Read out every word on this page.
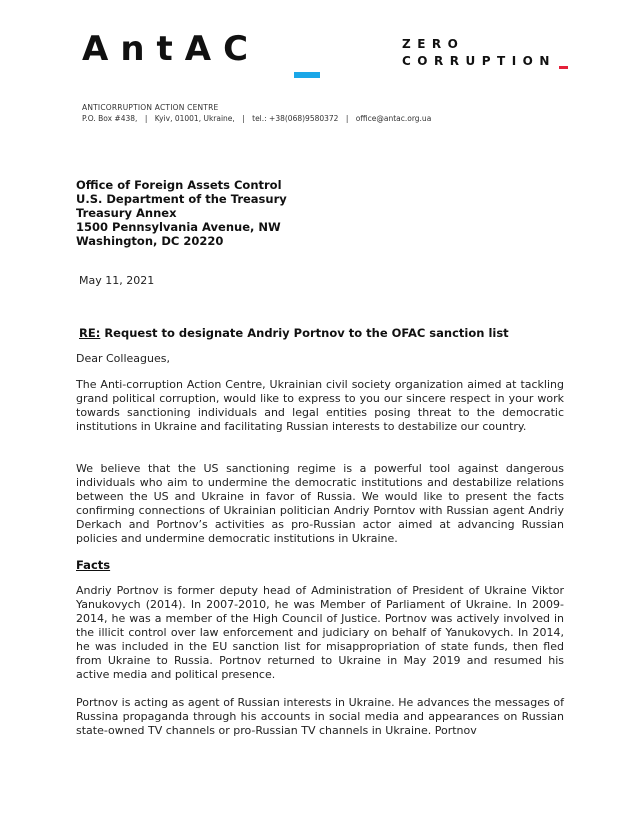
AntAC	ZERO
CORRUPTION
ANTICORRUPTION ACTION CENTRE
P.O. Box #438, | Kyiv, 01001, Ukraine, | tel.: +38(068)9580372 | office@antac.org.ua
Office of Foreign Assets Control
U.S. Department of the Treasury
Treasury Annex
1500 Pennsylvania Avenue, NW
Washington, DC 20220
May 11, 2021
RE: Request to designate Andriy Portnov to the OFAC sanction list
Dear Colleagues,
The Anti-corruption Action Centre, Ukrainian civil society organization aimed at tackling grand political corruption, would like to express to you our sincere respect in your work towards sanctioning individuals and legal entities posing threat to the democratic institutions in Ukraine and facilitating Russian interests to destabilize our country.
We believe that the US sanctioning regime is a powerful tool against dangerous individuals who aim to undermine the democratic institutions and destabilize relations between the US and Ukraine in favor of Russia. We would like to present the facts confirming connections of Ukrainian politician Andriy Porntov with Russian agent Andriy Derkach and Portnov’s activities as pro-Russian actor aimed at advancing Russian policies and undermine democratic institutions in Ukraine.
Facts
Andriy Portnov is former deputy head of Administration of President of Ukraine Viktor Yanukovych (2014). In 2007-2010, he was Member of Parliament of Ukraine. In 2009-2014, he was a member of the High Council of Justice. Portnov was actively involved in the illicit control over law enforcement and judiciary on behalf of Yanukovych. In 2014, he was included in the EU sanction list for misappropriation of state funds, then fled from Ukraine to Russia. Portnov returned to Ukraine in May 2019 and resumed his active media and political presence.
Portnov is acting as agent of Russian interests in Ukraine. He advances the messages of Russina propaganda through his accounts in social media and appearances on Russian state-owned TV channels or pro-Russian TV channels in Ukraine. Portnov
